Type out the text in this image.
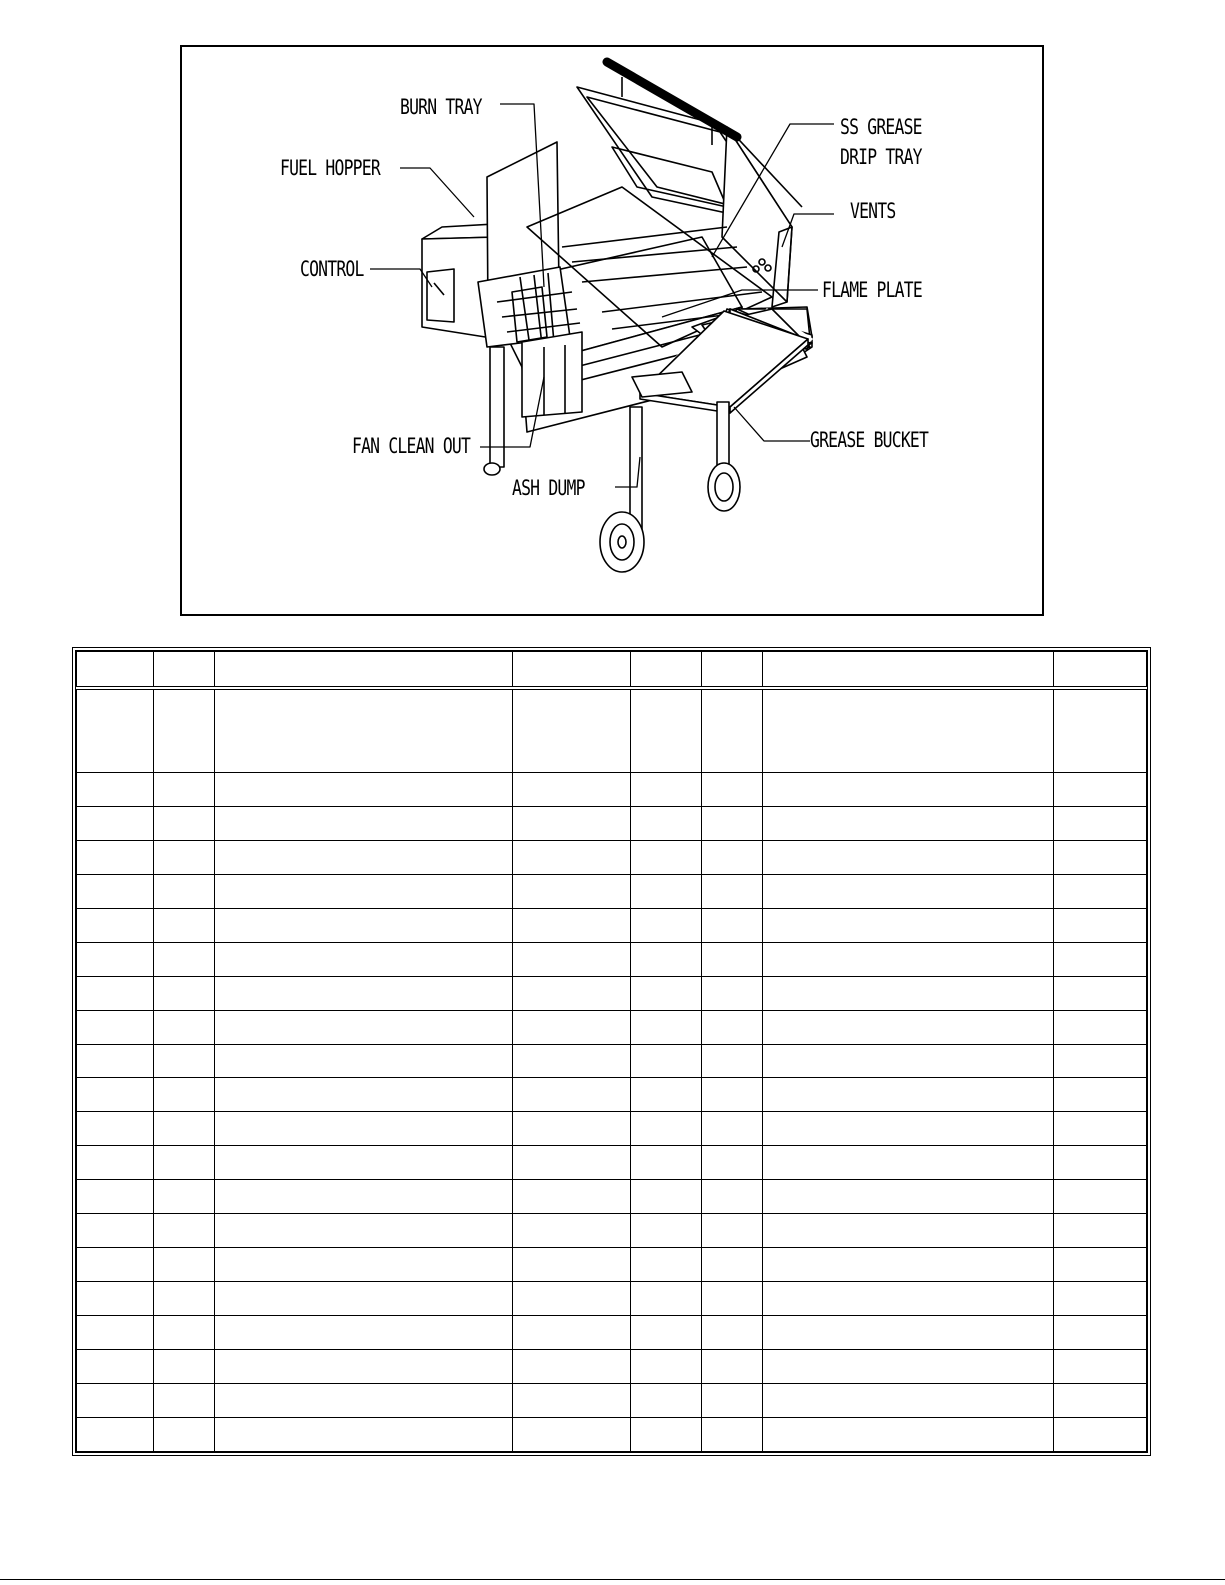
BURN TRAY
FUEL HOPPER
CONTROL
SS GREASE
DRIP TRAY
VENTS
FLAME PLATE
FAN CLEAN OUT
ASH DUMP
GREASE BUCKET
